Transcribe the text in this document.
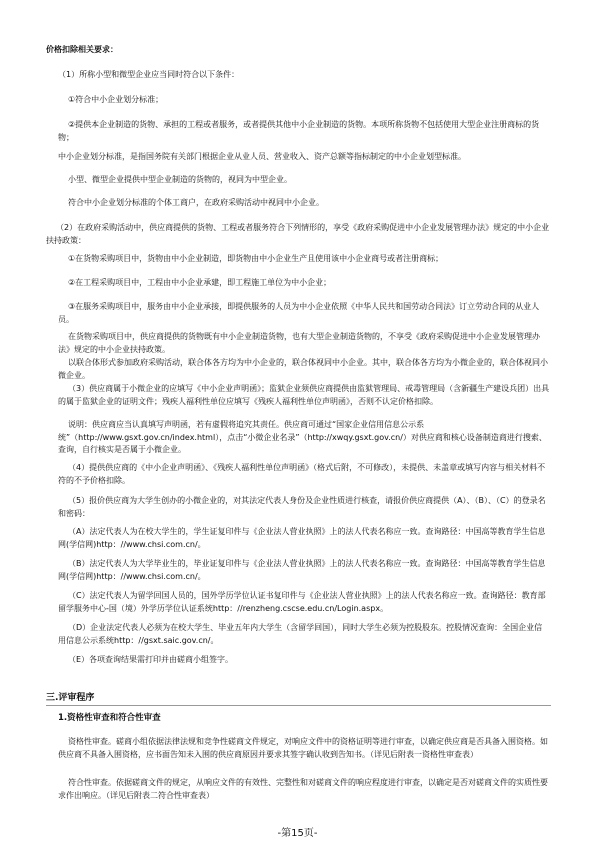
价格扣除相关要求：
（1）所称小型和微型企业应当同时符合以下条件：
①符合中小企业划分标准；
②提供本企业制造的货物、承担的工程或者服务，或者提供其他中小企业制造的货物。本项所称货物不包括使用大型企业注册商标的货物；
中小企业划分标准，是指国务院有关部门根据企业从业人员、营业收入、资产总额等指标制定的中小企业划型标准。
小型、微型企业提供中型企业制造的货物的，视同为中型企业。
符合中小企业划分标准的个体工商户，在政府采购活动中视同中小企业。
（2）在政府采购活动中，供应商提供的货物、工程或者服务符合下列情形的，享受《政府采购促进中小企业发展管理办法》规定的中小企业扶持政策：
①在货物采购项目中，货物由中小企业制造，即货物由中小企业生产且使用该中小企业商号或者注册商标；
②在工程采购项目中，工程由中小企业承建，即工程施工单位为中小企业；
③在服务采购项目中，服务由中小企业承接，即提供服务的人员为中小企业依照《中华人民共和国劳动合同法》订立劳动合同的从业人员。
在货物采购项目中，供应商提供的货物既有中小企业制造货物，也有大型企业制造货物的，不享受《政府采购促进中小企业发展管理办法》规定的中小企业扶持政策。
以联合体形式参加政府采购活动，联合体各方均为中小企业的，联合体视同中小企业。其中，联合体各方均为小微企业的，联合体视同小微企业。
（3）供应商属于小微企业的应填写《中小企业声明函》；监狱企业须供应商提供由监狱管理局、戒毒管理局（含新疆生产建设兵团）出具的属于监狱企业的证明文件；残疾人福利性单位应填写《残疾人福利性单位声明函》，否则不认定价格扣除。
说明：供应商应当认真填写声明函，若有虚假将追究其责任。供应商可通过“国家企业信用信息公示系统”（http://www.gsxt.gov.cn/index.html），点击“小微企业名录”（http://xwqy.gsxt.gov.cn/）对供应商和核心设备制造商进行搜索、查询，自行核实是否属于小微企业。
（4）提供供应商的《中小企业声明函》、《残疾人福利性单位声明函》（格式后附，不可修改），未提供、未盖章或填写内容与相关材料不符的不予价格扣除。
（5）报价供应商为大学生创办的小微企业的，对其法定代表人身份及企业性质进行核查，请报价供应商提供（A）、（B）、（C）的登录名和密码：
（A）法定代表人为在校大学生的，学生证复印件与《企业法人营业执照》上的法人代表名称应一致。查询路径：中国高等教育学生信息网(学信网)http：//www.chsi.com.cn/。
（B）法定代表人为大学毕业生的，毕业证复印件与《企业法人营业执照》上的法人代表名称应一致。查询路径：中国高等教育学生信息网(学信网)http：//www.chsi.com.cn/。
（C）法定代表人为留学回国人员的，国外学历学位认证书复印件与《企业法人营业执照》上的法人代表名称应一致。查询路径：教育部留学服务中心-国（境）外学历学位认证系统http：//renzheng.cscse.edu.cn/Login.aspx。
（D）企业法定代表人必须为在校大学生、毕业五年内大学生（含留学回国），同时大学生必须为控股股东。控股情况查询：全国企业信用信息公示系统http：//gsxt.saic.gov.cn/。
（E）各项查询结果需打印并由磋商小组签字。
三.评审程序
1.资格性审查和符合性审查
资格性审查。磋商小组依据法律法规和竞争性磋商文件规定，对响应文件中的资格证明等进行审查，以确定供应商是否具备入围资格。如供应商不具备入围资格，应书面告知未入围的供应商原因并要求其签字确认收到告知书。（详见后附表一资格性审查表）
符合性审查。依据磋商文件的规定，从响应文件的有效性、完整性和对磋商文件的响应程度进行审查，以确定是否对磋商文件的实质性要求作出响应。（详见后附表二符合性审查表）
-第15页-
